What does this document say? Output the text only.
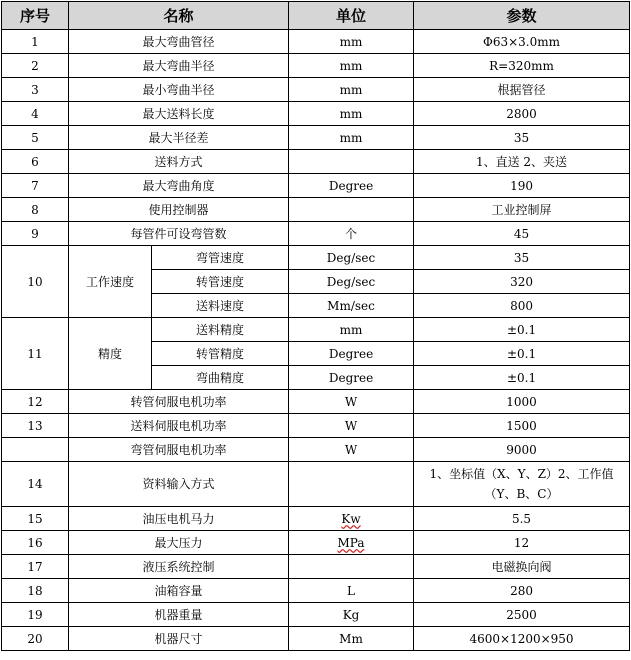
序号	名称		单位	参数
1	最大弯曲管径		mm	Φ63×3.0mm
2	最大弯曲半径		mm	R=320mm
3	最小弯曲半径		mm	根据管径
4	最大送料长度		mm	2800
5	最大半径差		mm	35
6	送料方式			1、直送 2、夹送
7	最大弯曲角度		Degree	190
8	使用控制器			工业控制屏
9	每管件可设弯管数		个	45
10	工作速度	弯管速度	Deg/sec	35
		转管速度	Deg/sec	320
		送料速度	Mm/sec	800
11	精度	送料精度	mm	±0.1
		转管精度	Degree	±0.1
		弯曲精度	Degree	±0.1
12	转管伺服电机功率		W	1000
13	送料伺服电机功率		W	1500
	弯管伺服电机功率		W	9000
14	资料输入方式			1、坐标值（X、Y、Z）2、工作值
（Y、B、C）

15	油压电机马力		Kw	5.5
16	最大压力		MPa	12
17	液压系统控制			电磁换向阀
18	油箱容量		L	280
19	机器重量		Kg	2500
20	机器尺寸		Mm	4600×1200×950
